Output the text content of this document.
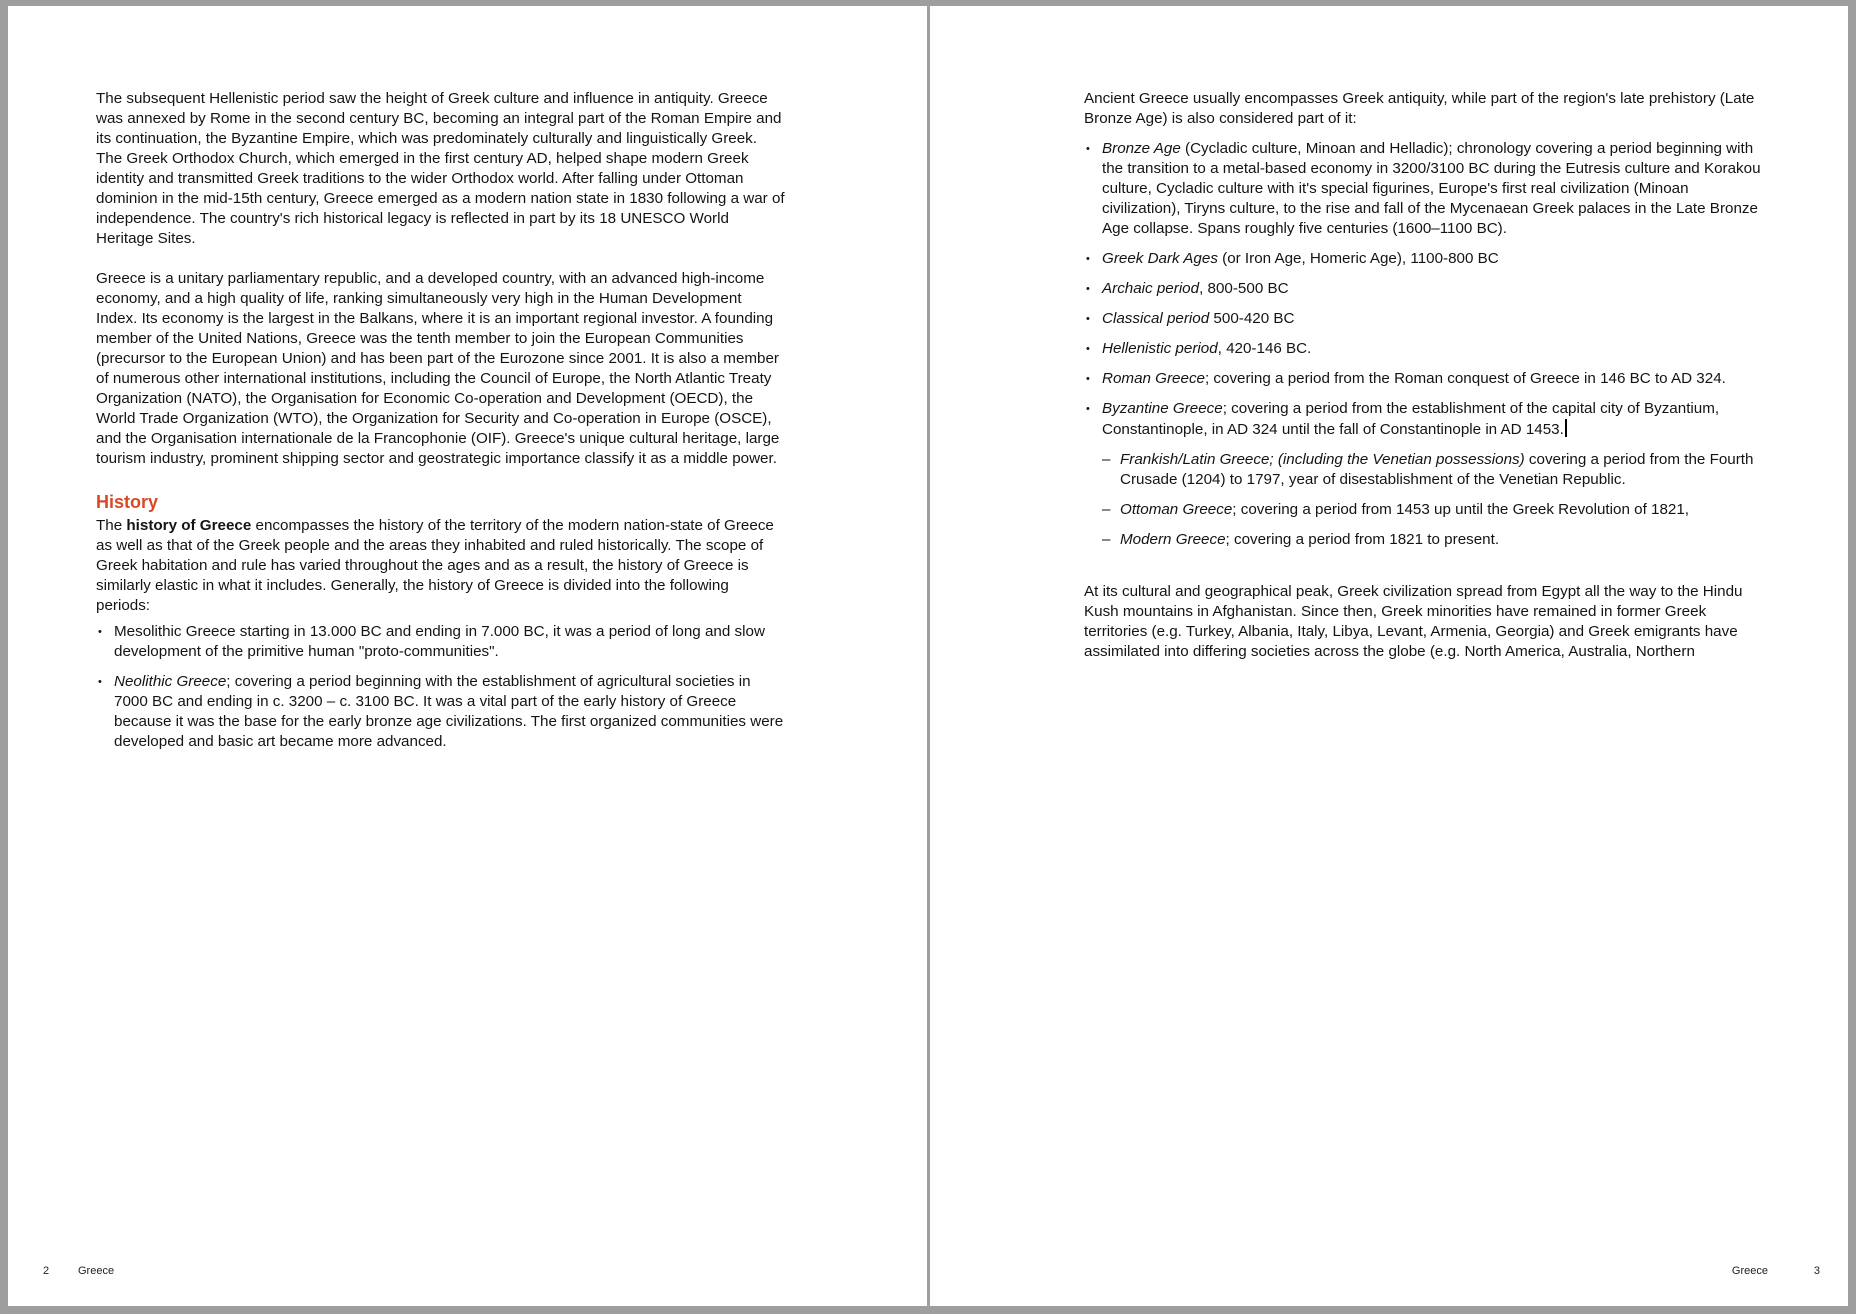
The subsequent Hellenistic period saw the height of Greek culture and influence in antiquity. Greece was annexed by Rome in the second century BC, becoming an integral part of the Roman Empire and its continuation, the Byzantine Empire, which was predominately culturally and linguistically Greek. The Greek Orthodox Church, which emerged in the first century AD, helped shape modern Greek identity and transmitted Greek traditions to the wider Orthodox world. After falling under Ottoman dominion in the mid-15th century, Greece emerged as a modern nation state in 1830 following a war of independence. The country's rich historical legacy is reflected in part by its 18 UNESCO World Heritage Sites.

Greece is a unitary parliamentary republic, and a developed country, with an advanced high-income economy, and a high quality of life, ranking simultaneously very high in the Human Development Index. Its economy is the largest in the Balkans, where it is an important regional investor. A founding member of the United Nations, Greece was the tenth member to join the European Communities (precursor to the European Union) and has been part of the Eurozone since 2001. It is also a member of numerous other international institutions, including the Council of Europe, the North Atlantic Treaty Organization (NATO), the Organisation for Economic Co-operation and Development (OECD), the World Trade Organization (WTO), the Organization for Security and Co-operation in Europe (OSCE), and the Organisation internationale de la Francophonie (OIF). Greece's unique cultural heritage, large tourism industry, prominent shipping sector and geostrategic importance classify it as a middle power.

History

The history of Greece encompasses the history of the territory of the modern nation-state of Greece as well as that of the Greek people and the areas they inhabited and ruled historically. The scope of Greek habitation and rule has varied throughout the ages and as a result, the history of Greece is similarly elastic in what it includes. Generally, the history of Greece is divided into the following periods:

• Mesolithic Greece starting in 13.000 BC and ending in 7.000 BC, it was a period of long and slow development of the primitive human "proto-communities".
• Neolithic Greece; covering a period beginning with the establishment of agricultural societies in 7000 BC and ending in c. 3200 – c. 3100 BC. It was a vital part of the early history of Greece because it was the base for the early bronze age civilizations. The first organized communities were developed and basic art became more advanced.
2	Greece

Ancient Greece usually encompasses Greek antiquity, while part of the region's late prehistory (Late Bronze Age) is also considered part of it:

• Bronze Age (Cycladic culture, Minoan and Helladic); chronology covering a period beginning with the transition to a metal-based economy in 3200/3100 BC during the Eutresis culture and Korakou culture, Cycladic culture with it's special figurines, Europe's first real civilization (Minoan civilization), Tiryns culture, to the rise and fall of the Mycenaean Greek palaces in the Late Bronze Age collapse. Spans roughly five centuries (1600–1100 BC).
• Greek Dark Ages (or Iron Age, Homeric Age), 1100-800 BC
• Archaic period, 800-500 BC
• Classical period 500-420 BC
• Hellenistic period, 420-146 BC.
• Roman Greece; covering a period from the Roman conquest of Greece in 146 BC to AD 324.
• Byzantine Greece; covering a period from the establishment of the capital city of Byzantium, Constantinople, in AD 324 until the fall of Constantinople in AD 1453.
– Frankish/Latin Greece; (including the Venetian possessions) covering a period from the Fourth Crusade (1204) to 1797, year of disestablishment of the Venetian Republic.
– Ottoman Greece; covering a period from 1453 up until the Greek Revolution of 1821,
– Modern Greece; covering a period from 1821 to present.

At its cultural and geographical peak, Greek civilization spread from Egypt all the way to the Hindu Kush mountains in Afghanistan. Since then, Greek minorities have remained in former Greek territories (e.g. Turkey, Albania, Italy, Libya, Levant, Armenia, Georgia) and Greek emigrants have assimilated into differing societies across the globe (e.g. North America, Australia, Northern

Greece	3
